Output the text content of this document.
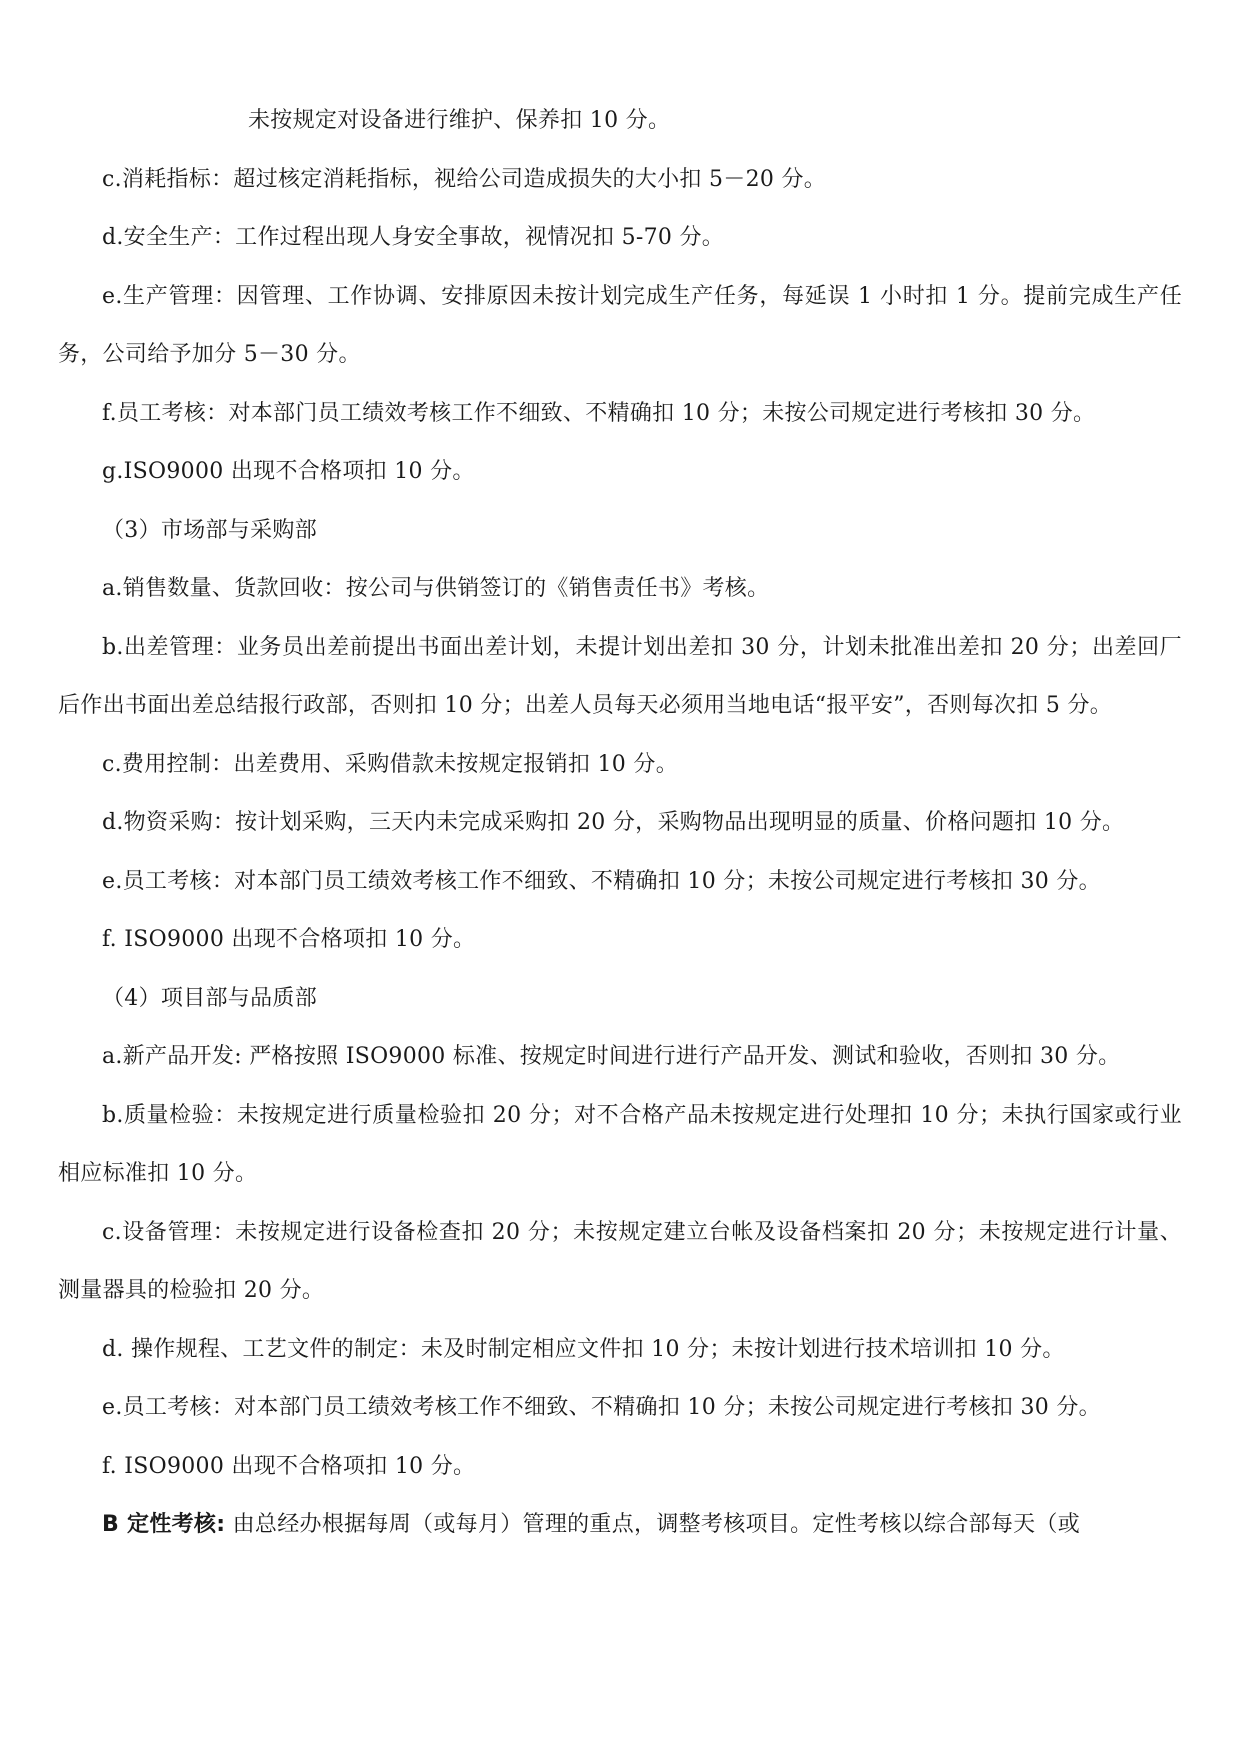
未按规定对设备进行维护、保养扣 10 分。

c.消耗指标：超过核定消耗指标，视给公司造成损失的大小扣 5－20 分。

d.安全生产：工作过程出现人身安全事故，视情况扣 5-70 分。

e.生产管理：因管理、工作协调、安排原因未按计划完成生产任务，每延误 1 小时扣 1 分。提前完成生产任务，公司给予加分 5－30 分。

f.员工考核：对本部门员工绩效考核工作不细致、不精确扣 10 分；未按公司规定进行考核扣 30 分。

g.ISO9000 出现不合格项扣 10 分。

（3）市场部与采购部

a.销售数量、货款回收：按公司与供销签订的《销售责任书》考核。

b.出差管理：业务员出差前提出书面出差计划，未提计划出差扣 30 分，计划未批准出差扣 20 分；出差回厂后作出书面出差总结报行政部，否则扣 10 分；出差人员每天必须用当地电话“报平安”，否则每次扣 5 分。

c.费用控制：出差费用、采购借款未按规定报销扣 10 分。

d.物资采购：按计划采购，三天内未完成采购扣 20 分，采购物品出现明显的质量、价格问题扣 10 分。

e.员工考核：对本部门员工绩效考核工作不细致、不精确扣 10 分；未按公司规定进行考核扣 30 分。

f. ISO9000 出现不合格项扣 10 分。

（4）项目部与品质部

a.新产品开发: 严格按照 ISO9000 标准、按规定时间进行进行产品开发、测试和验收，否则扣 30 分。

b.质量检验：未按规定进行质量检验扣 20 分；对不合格产品未按规定进行处理扣 10 分；未执行国家或行业相应标准扣 10 分。

c.设备管理：未按规定进行设备检查扣 20 分；未按规定建立台帐及设备档案扣 20 分；未按规定进行计量、测量器具的检验扣 20 分。

d. 操作规程、工艺文件的制定：未及时制定相应文件扣 10 分；未按计划进行技术培训扣 10 分。

e.员工考核：对本部门员工绩效考核工作不细致、不精确扣 10 分；未按公司规定进行考核扣 30 分。

f. ISO9000 出现不合格项扣 10 分。

B 定性考核: 由总经办根据每周（或每月）管理的重点，调整考核项目。定性考核以综合部每天（或
